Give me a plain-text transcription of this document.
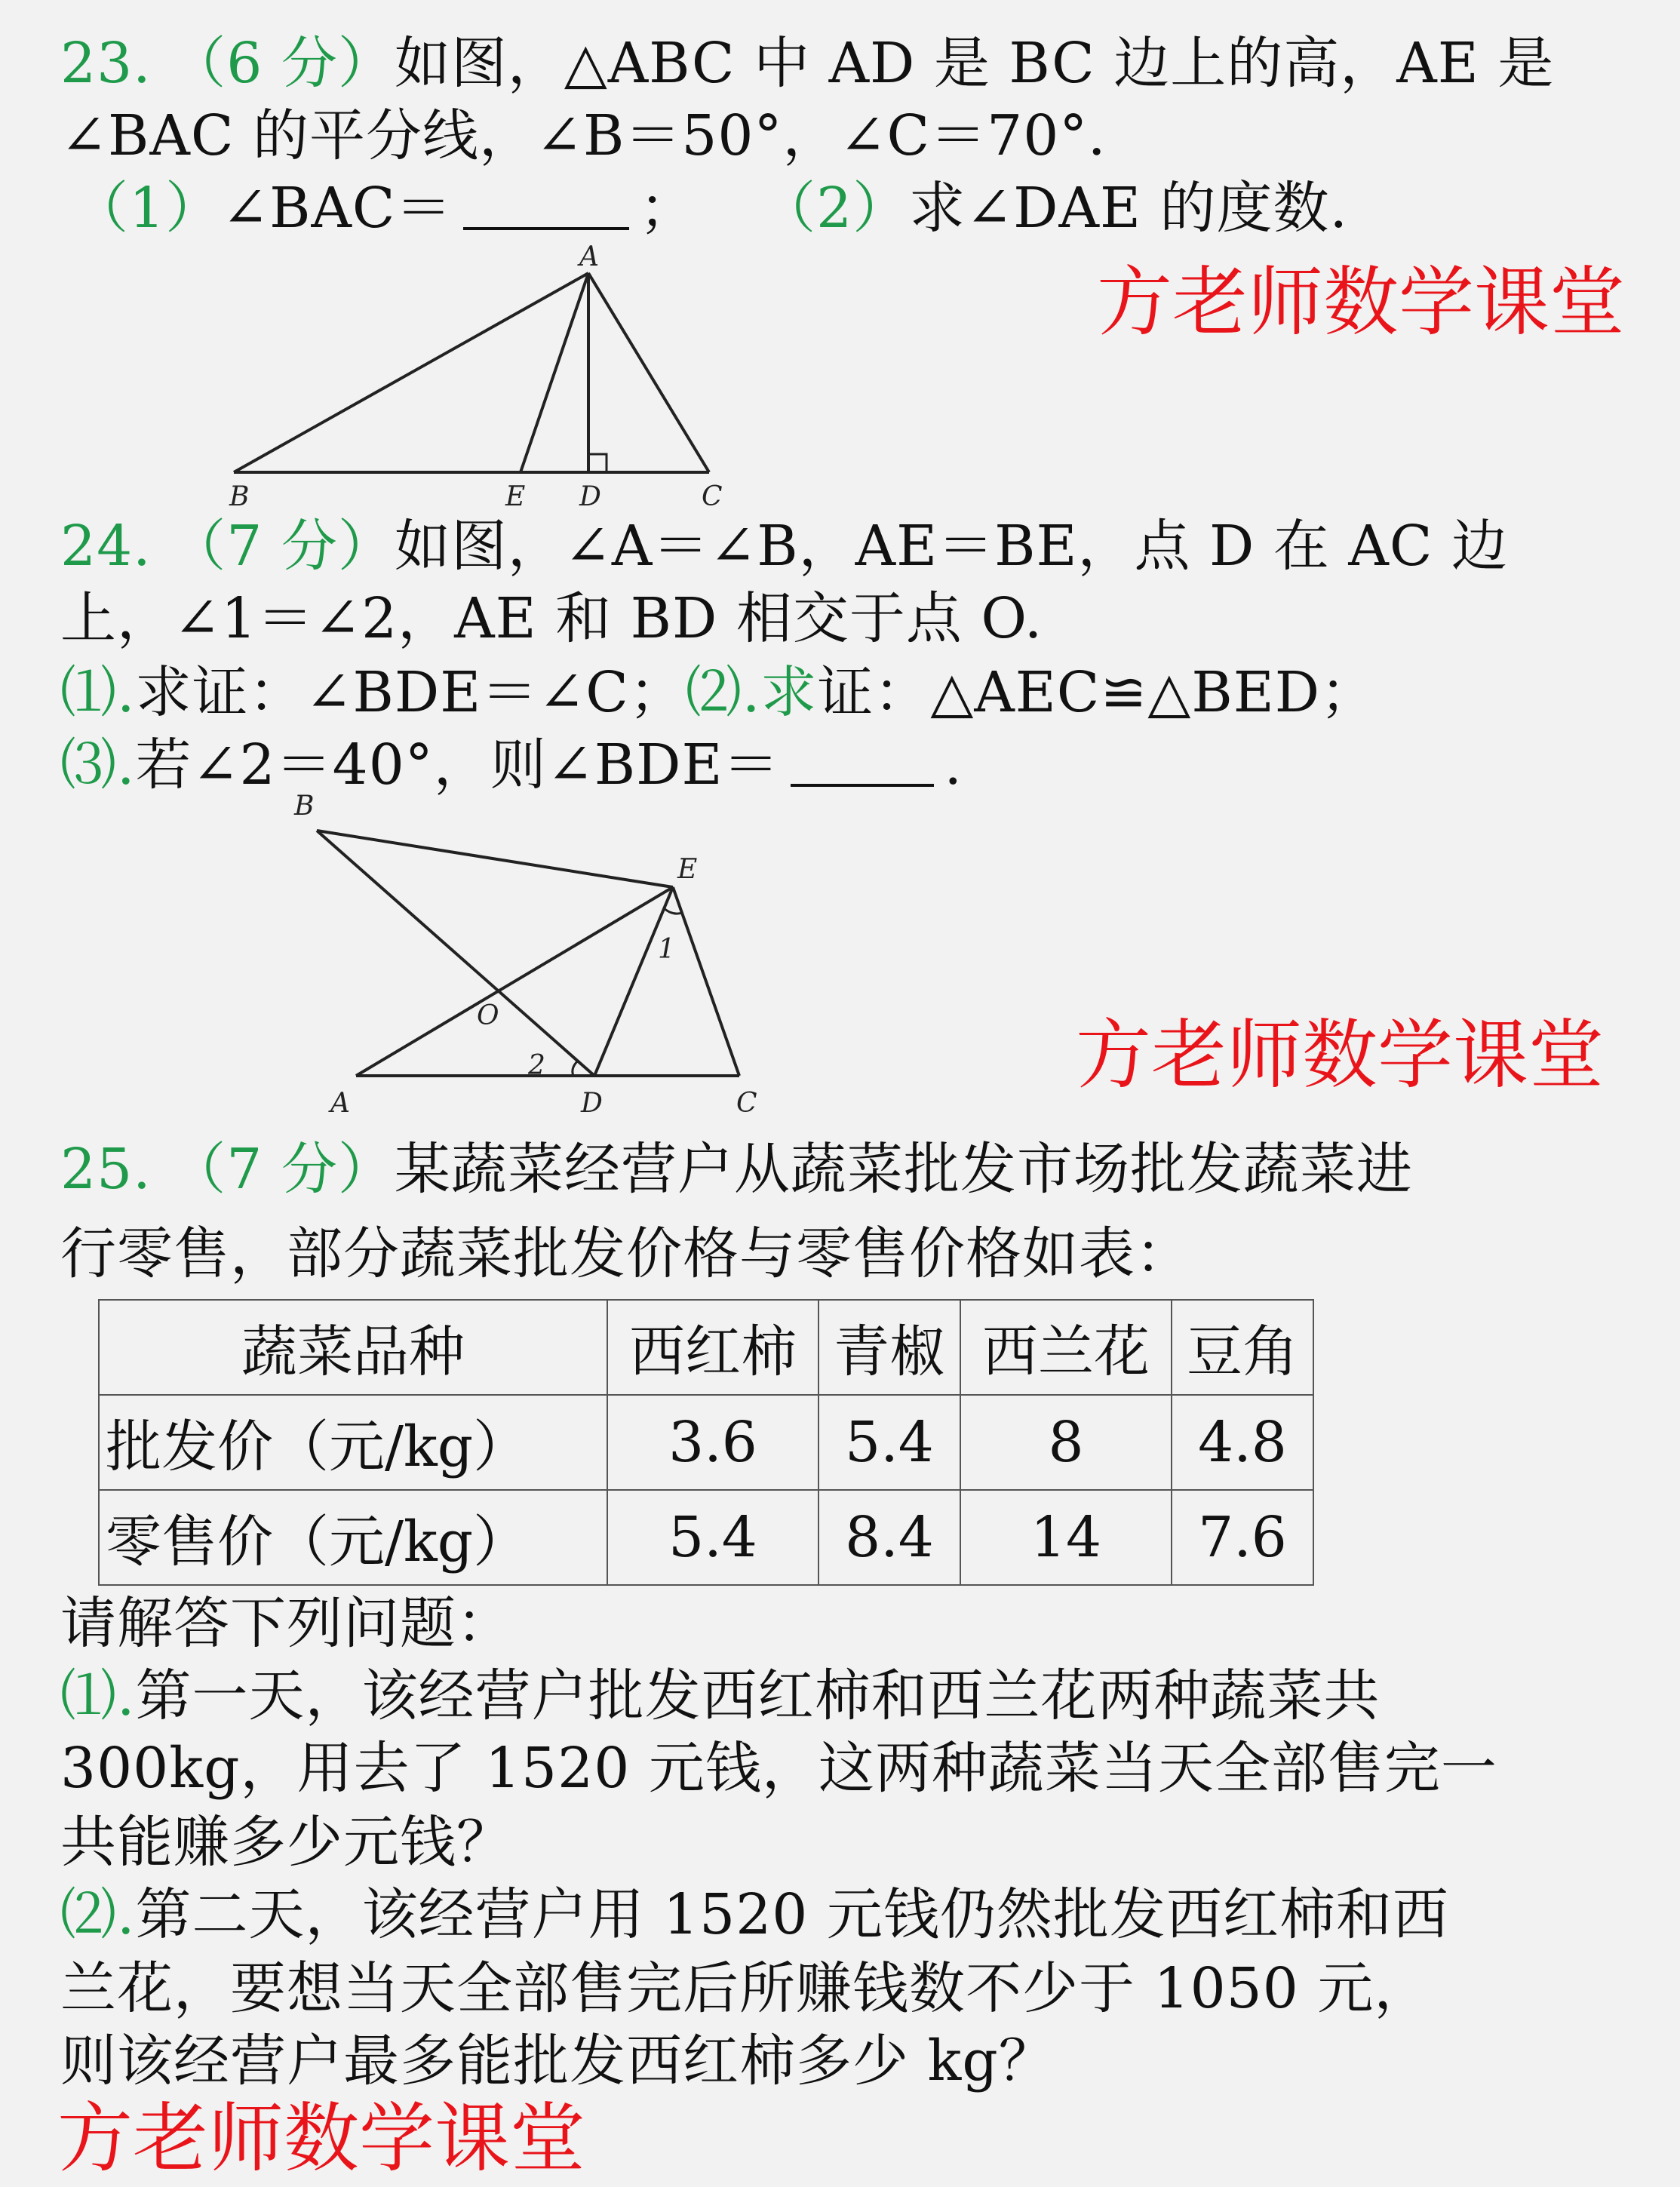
23. （6 分）如图，△ABC 中 AD 是 BC 边上的高，AE 是
∠BAC 的平分线，∠B＝50°，∠C＝70°．
（1）∠BAC＝	； （2）求∠DAE 的度数.
A
B	E D	C
方老师数学课堂
24. （7 分）如图，∠A＝∠B，AE＝BE，点 D 在 AC 边
上，∠1＝∠2，AE 和 BD 相交于点 O.
⑴.求证：∠BDE＝∠C；⑵.求证：△AEC≌△BED；
⑶.若∠2＝40°，则∠BDE＝	.
B
E
1
O
2
A	D	C
方老师数学课堂
25. （7 分）某蔬菜经营户从蔬菜批发市场批发蔬菜进
行零售，部分蔬菜批发价格与零售价格如表：
蔬菜品种	西红柿	青椒	西兰花	豆角
批发价（元/kg）	3.6	5.4	8	4.8
零售价（元/kg）	5.4	8.4	14	7.6
请解答下列问题：
⑴.第一天，该经营户批发西红柿和西兰花两种蔬菜共
300kg，用去了 1520 元钱，这两种蔬菜当天全部售完一
共能赚多少元钱？
⑵.第二天，该经营户用 1520 元钱仍然批发西红柿和西
兰花，要想当天全部售完后所赚钱数不少于 1050 元，
则该经营户最多能批发西红柿多少 kg？
方老师数学课堂
